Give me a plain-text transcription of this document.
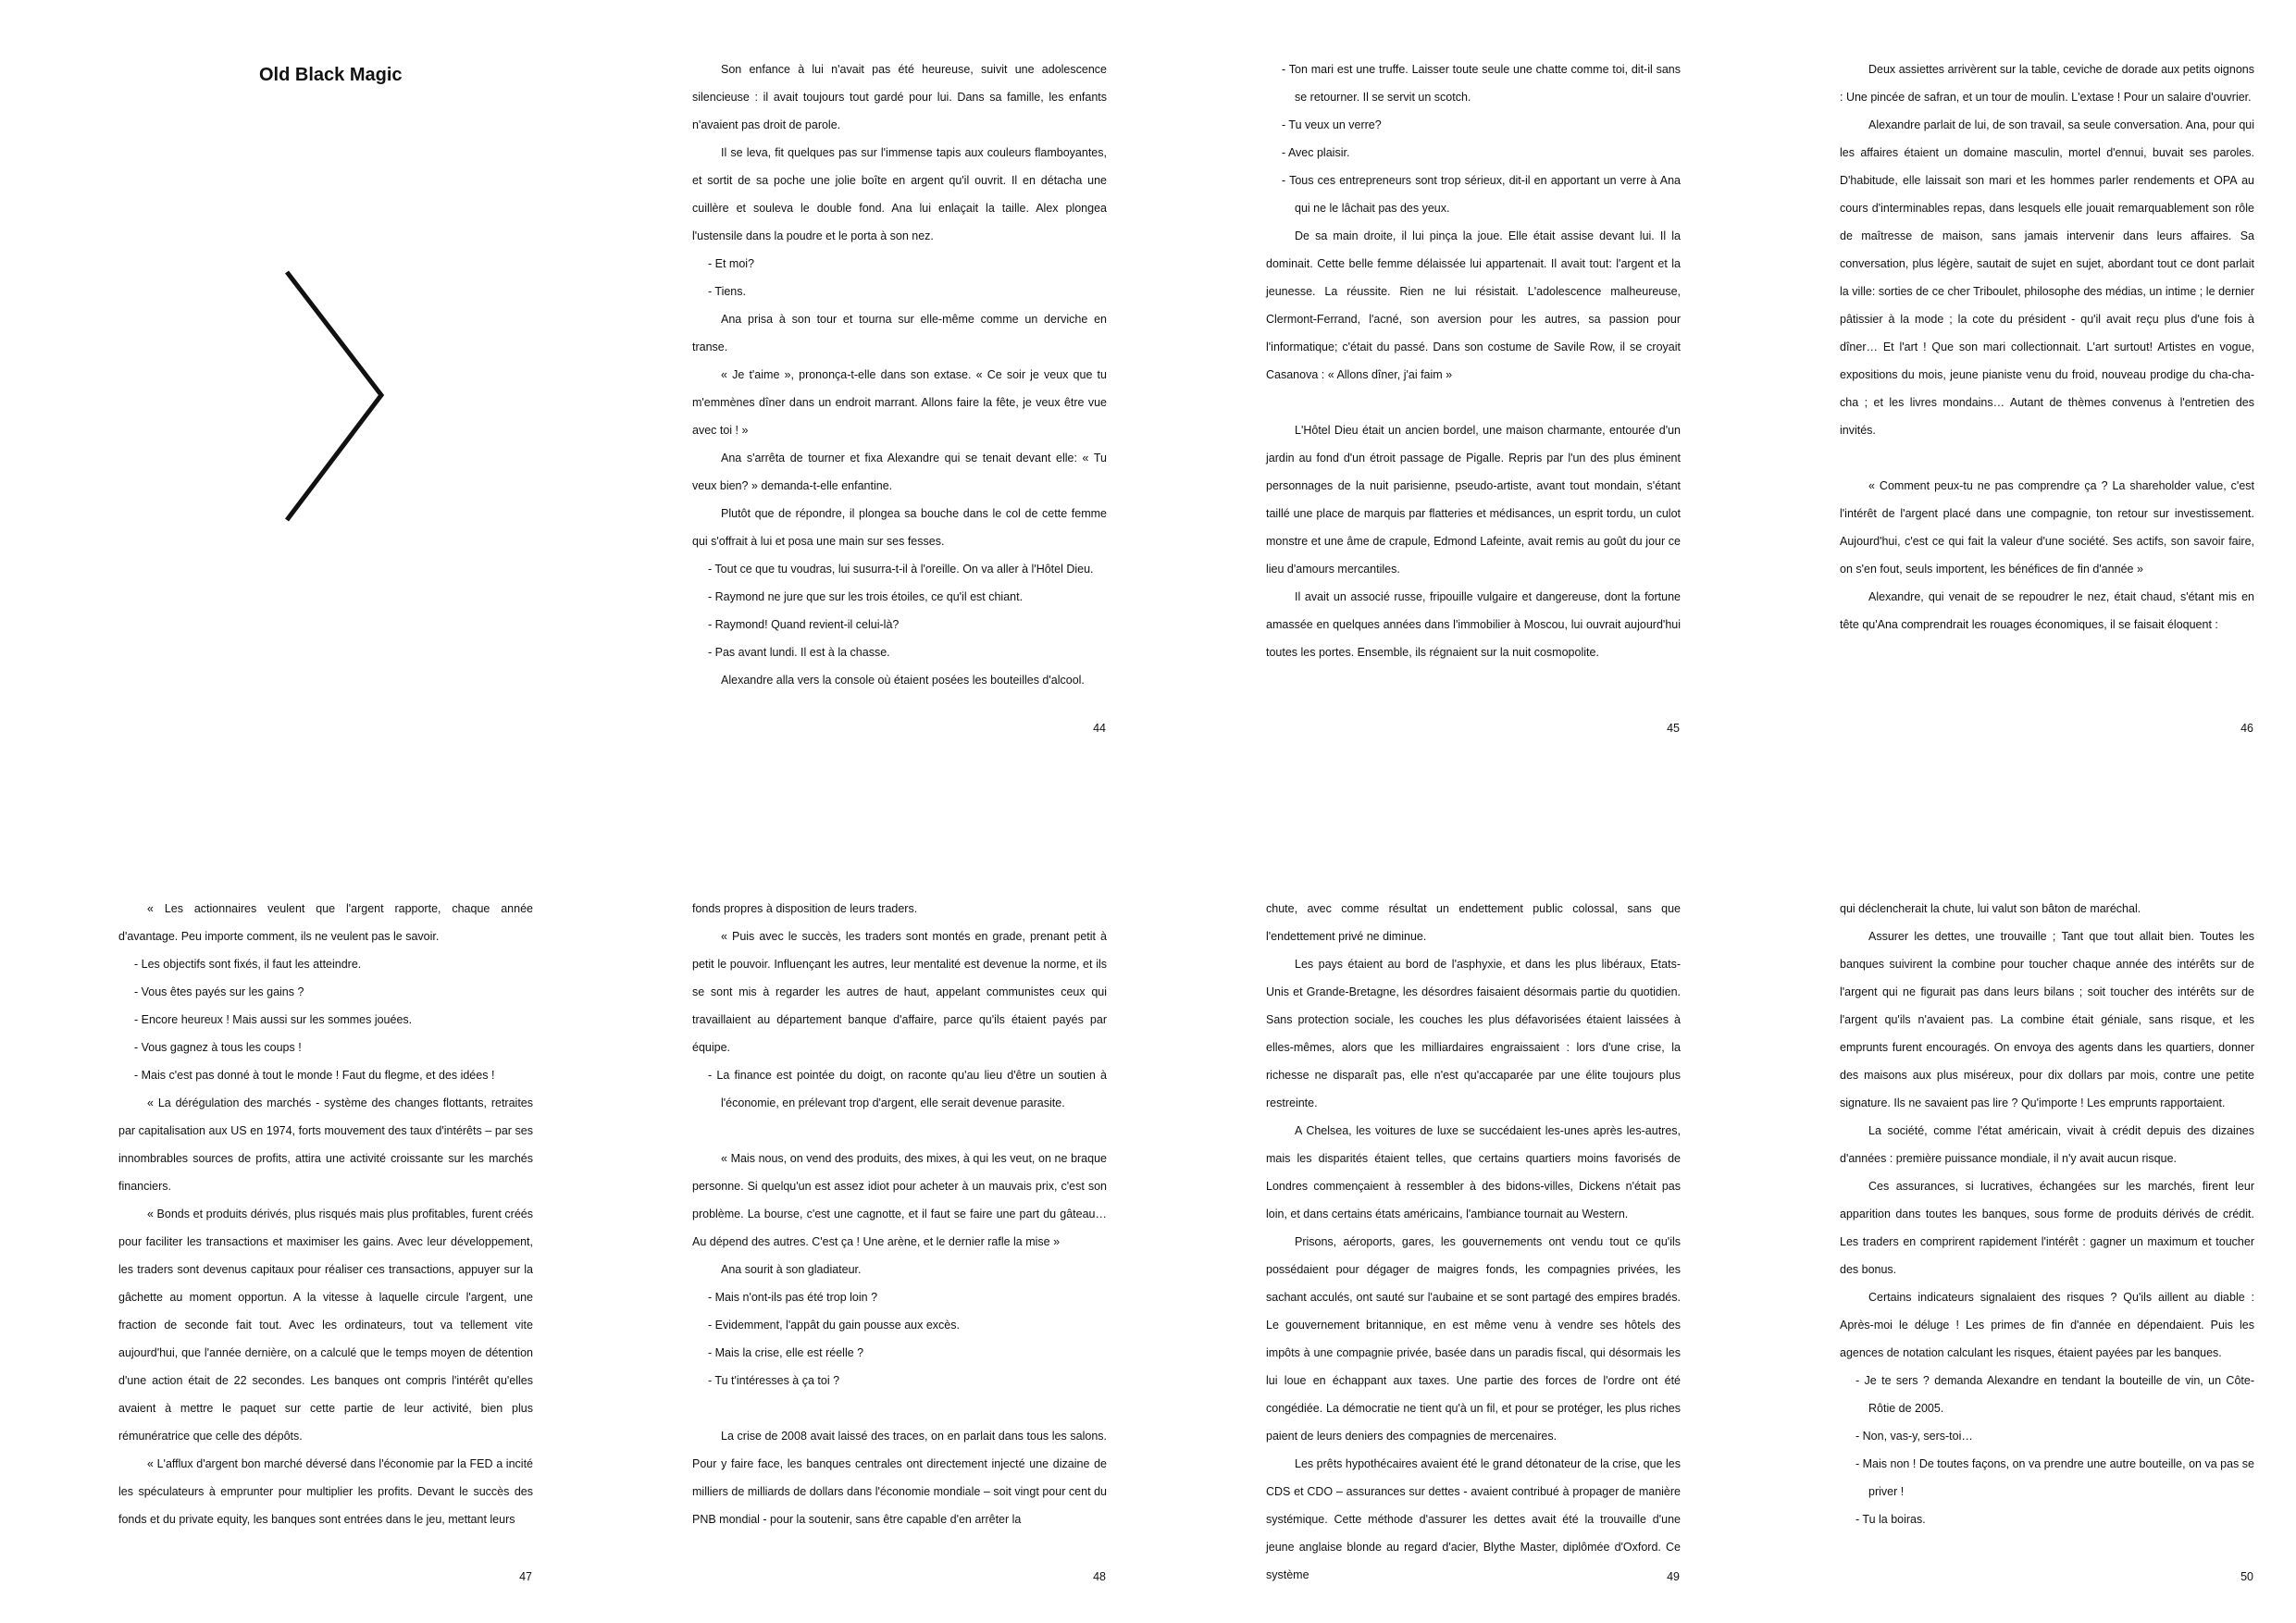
Old Black Magic	Son enfance à lui n'avait pas été heureuse, suivit une adolescence silencieuse : il avait toujours tout gardé pour lui. Dans sa famille, les enfants n'avaient pas droit de parole.

Il se leva, fit quelques pas sur l'immense tapis aux couleurs flamboyantes, et sortit de sa poche une jolie boîte en argent qu'il ouvrit. Il en détacha une cuillère et souleva le double fond. Ana lui enlaçait la taille. Alex plongea l'ustensile dans la poudre et le porta à son nez.

- Et moi?

- Tiens.

Ana prisa à son tour et tourna sur elle-même comme un derviche en transe.

« Je t'aime », prononça-t-elle dans son extase. « Ce soir je veux que tu m'emmènes dîner dans un endroit marrant. Allons faire la fête, je veux être vue avec toi ! »

Ana s'arrêta de tourner et fixa Alexandre qui se tenait devant elle: « Tu veux bien? » demanda-t-elle enfantine.

Plutôt que de répondre, il plongea sa bouche dans le col de cette femme qui s'offrait à lui et posa une main sur ses fesses.

- Tout ce que tu voudras, lui susurra-t-il à l'oreille. On va aller à l'Hôtel Dieu.

- Raymond ne jure que sur les trois étoiles, ce qu'il est chiant.

- Raymond! Quand revient-il celui-là?

- Pas avant lundi. Il est à la chasse.

Alexandre alla vers la console où étaient posées les bouteilles d'alcool.

44

- Ton mari est une truffe. Laisser toute seule une chatte comme toi, dit-il sans se retourner. Il se servit un scotch.

- Tu veux un verre?

- Avec plaisir.

- Tous ces entrepreneurs sont trop sérieux, dit-il en apportant un verre à Ana qui ne le lâchait pas des yeux.

De sa main droite, il lui pinça la joue. Elle était assise devant lui. Il la dominait. Cette belle femme délaissée lui appartenait. Il avait tout: l'argent et la jeunesse. La réussite. Rien ne lui résistait. L'adolescence malheureuse, Clermont-Ferrand, l'acné, son aversion pour les autres, sa passion pour l'informatique; c'était du passé. Dans son costume de Savile Row, il se croyait Casanova : « Allons dîner, j'ai faim »

L'Hôtel Dieu était un ancien bordel, une maison charmante, entourée d'un jardin au fond d'un étroit passage de Pigalle. Repris par l'un des plus éminent personnages de la nuit parisienne, pseudo-artiste, avant tout mondain, s'étant taillé une place de marquis par flatteries et médisances, un esprit tordu, un culot monstre et une âme de crapule, Edmond Lafeinte, avait remis au goût du jour ce lieu d'amours mercantiles.

Il avait un associé russe, fripouille vulgaire et dangereuse, dont la fortune amassée en quelques années dans l'immobilier à Moscou, lui ouvrait aujourd'hui toutes les portes. Ensemble, ils régnaient sur la nuit cosmopolite.

45

Deux assiettes arrivèrent sur la table, ceviche de dorade aux petits oignons : Une pincée de safran, et un tour de moulin. L'extase ! Pour un salaire d'ouvrier.

Alexandre parlait de lui, de son travail, sa seule conversation. Ana, pour qui les affaires étaient un domaine masculin, mortel d'ennui, buvait ses paroles. D'habitude, elle laissait son mari et les hommes parler rendements et OPA au cours d'interminables repas, dans lesquels elle jouait remarquablement son rôle de maîtresse de maison, sans jamais intervenir dans leurs affaires. Sa conversation, plus légère, sautait de sujet en sujet, abordant tout ce dont parlait la ville: sorties de ce cher Triboulet, philosophe des médias, un intime ; le dernier pâtissier à la mode ; la cote du président - qu'il avait reçu plus d'une fois à dîner… Et l'art ! Que son mari collectionnait. L'art surtout! Artistes en vogue, expositions du mois, jeune pianiste venu du froid, nouveau prodige du cha-cha-cha ; et les livres mondains… Autant de thèmes convenus à l'entretien des invités.

« Comment peux-tu ne pas comprendre ça ? La shareholder value, c'est l'intérêt de l'argent placé dans une compagnie, ton retour sur investissement. Aujourd'hui, c'est ce qui fait la valeur d'une société. Ses actifs, son savoir faire, on s'en fout, seuls importent, les bénéfices de fin d'année »

Alexandre, qui venait de se repoudrer le nez, était chaud, s'étant mis en tête qu'Ana comprendrait les rouages économiques, il se faisait éloquent :

46

« Les actionnaires veulent que l'argent rapporte, chaque année d'avantage. Peu importe comment, ils ne veulent pas le savoir.

- Les objectifs sont fixés, il faut les atteindre.

- Vous êtes payés sur les gains ?

- Encore heureux ! Mais aussi sur les sommes jouées.

- Vous gagnez à tous les coups !

- Mais c'est pas donné à tout le monde ! Faut du flegme, et des idées !

« La dérégulation des marchés - système des changes flottants, retraites par capitalisation aux US en 1974, forts mouvement des taux d'intérêts – par ses innombrables sources de profits, attira une activité croissante sur les marchés financiers.

« Bonds et produits dérivés, plus risqués mais plus profitables, furent créés pour faciliter les transactions et maximiser les gains. Avec leur développement, les traders sont devenus capitaux pour réaliser ces transactions, appuyer sur la gâchette au moment opportun. A la vitesse à laquelle circule l'argent, une fraction de seconde fait tout. Avec les ordinateurs, tout va tellement vite aujourd'hui, que l'année dernière, on a calculé que le temps moyen de détention d'une action était de 22 secondes. Les banques ont compris l'intérêt qu'elles avaient à mettre le paquet sur cette partie de leur activité, bien plus rémunératrice que celle des dépôts.

« L'afflux d'argent bon marché déversé dans l'économie par la FED a incité les spéculateurs à emprunter pour multiplier les profits. Devant le succès des fonds et du private equity, les banques sont entrées dans le jeu, mettant leurs

47

fonds propres à disposition de leurs traders.

« Puis avec le succès, les traders sont montés en grade, prenant petit à petit le pouvoir. Influençant les autres, leur mentalité est devenue la norme, et ils se sont mis à regarder les autres de haut, appelant communistes ceux qui travaillaient au département banque d'affaire, parce qu'ils étaient payés par équipe.

- La finance est pointée du doigt, on raconte qu'au lieu d'être un soutien à l'économie, en prélevant trop d'argent, elle serait devenue parasite.

« Mais nous, on vend des produits, des mixes, à qui les veut, on ne braque personne. Si quelqu'un est assez idiot pour acheter à un mauvais prix, c'est son problème. La bourse, c'est une cagnotte, et il faut se faire une part du gâteau… Au dépend des autres. C'est ça ! Une arène, et le dernier rafle la mise »

Ana sourit à son gladiateur.

- Mais n'ont-ils pas été trop loin ?

- Evidemment, l'appât du gain pousse aux excès.

- Mais la crise, elle est réelle ?

- Tu t'intéresses à ça toi ?

La crise de 2008 avait laissé des traces, on en parlait dans tous les salons. Pour y faire face, les banques centrales ont directement injecté une dizaine de milliers de milliards de dollars dans l'économie mondiale – soit vingt pour cent du PNB mondial - pour la soutenir, sans être capable d'en arrêter la

48

chute, avec comme résultat un endettement public colossal, sans que l'endettement privé ne diminue.

Les pays étaient au bord de l'asphyxie, et dans les plus libéraux, Etats-Unis et Grande-Bretagne, les désordres faisaient désormais partie du quotidien. Sans protection sociale, les couches les plus défavorisées étaient laissées à elles-mêmes, alors que les milliardaires engraissaient : lors d'une crise, la richesse ne disparaît pas, elle n'est qu'accaparée par une élite toujours plus restreinte.

A Chelsea, les voitures de luxe se succédaient les-unes après les-autres, mais les disparités étaient telles, que certains quartiers moins favorisés de Londres commençaient à ressembler à des bidons-villes, Dickens n'était pas loin, et dans certains états américains, l'ambiance tournait au Western.

Prisons, aéroports, gares, les gouvernements ont vendu tout ce qu'ils possédaient pour dégager de maigres fonds, les compagnies privées, les sachant acculés, ont sauté sur l'aubaine et se sont partagé des empires bradés. Le gouvernement britannique, en est même venu à vendre ses hôtels des impôts à une compagnie privée, basée dans un paradis fiscal, qui désormais les lui loue en échappant aux taxes. Une partie des forces de l'ordre ont été congédiée. La démocratie ne tient qu'à un fil, et pour se protéger, les plus riches paient de leurs deniers des compagnies de mercenaires.

Les prêts hypothécaires avaient été le grand détonateur de la crise, que les CDS et CDO – assurances sur dettes - avaient contribué à propager de manière systémique. Cette méthode d'assurer les dettes avait été la trouvaille d'une jeune anglaise blonde au regard d'acier, Blythe Master, diplômée d'Oxford. Ce système	49

qui déclencherait la chute, lui valut son bâton de maréchal.

Assurer les dettes, une trouvaille ; Tant que tout allait bien. Toutes les banques suivirent la combine pour toucher chaque année des intérêts sur de l'argent qui ne figurait pas dans leurs bilans ; soit toucher des intérêts sur de l'argent qu'ils n'avaient pas. La combine était géniale, sans risque, et les emprunts furent encouragés. On envoya des agents dans les quartiers, donner des maisons aux plus miséreux, pour dix dollars par mois, contre une petite signature. Ils ne savaient pas lire ? Qu'importe ! Les emprunts rapportaient.

La société, comme l'état américain, vivait à crédit depuis des dizaines d'années : première puissance mondiale, il n'y avait aucun risque.

Ces assurances, si lucratives, échangées sur les marchés, firent leur apparition dans toutes les banques, sous forme de produits dérivés de crédit. Les traders en comprirent rapidement l'intérêt : gagner un maximum et toucher des bonus.

Certains indicateurs signalaient des risques ? Qu'ils aillent au diable : Après-moi le déluge ! Les primes de fin d'année en dépendaient. Puis les agences de notation calculant les risques, étaient payées par les banques.

- Je te sers ? demanda Alexandre en tendant la bouteille de vin, un Côte-Rôtie de 2005.

- Non, vas-y, sers-toi…

- Mais non ! De toutes façons, on va prendre une autre bouteille, on va pas se priver !

- Tu la boiras.

50
